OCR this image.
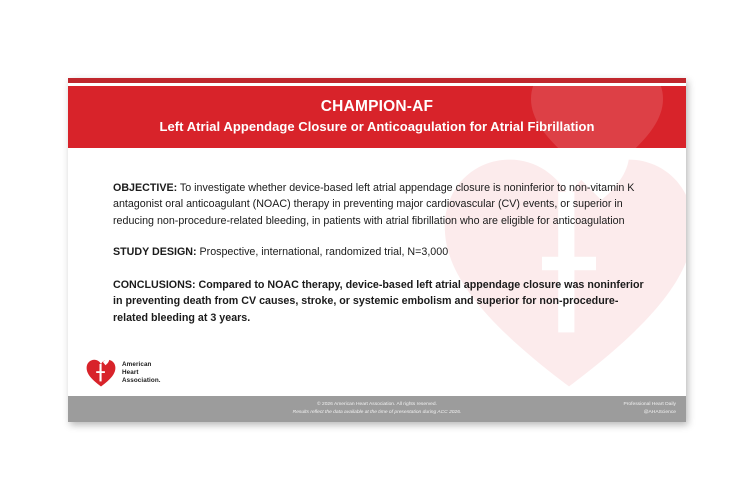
CHAMPION-AF
Left Atrial Appendage Closure or Anticoagulation for Atrial Fibrillation

OBJECTIVE: To investigate whether device-based left atrial appendage closure is noninferior to non-vitamin K antagonist oral anticoagulant (NOAC) therapy in preventing major cardiovascular (CV) events, or superior in reducing non-procedure-related bleeding, in patients with atrial fibrillation who are eligible for anticoagulation

STUDY DESIGN: Prospective, international, randomized trial, N=3,000

CONCLUSIONS: Compared to NOAC therapy, device-based left atrial appendage closure was noninferior in preventing death from CV causes, stroke, or systemic embolism and superior for non-procedure-related bleeding at 3 years.

American
Heart
Association.
© 2026 American Heart Association. All rights reserved.
Results reflect the data available at the time of presentation during ACC 2026.
Professional Heart Daily
@AHAScience
